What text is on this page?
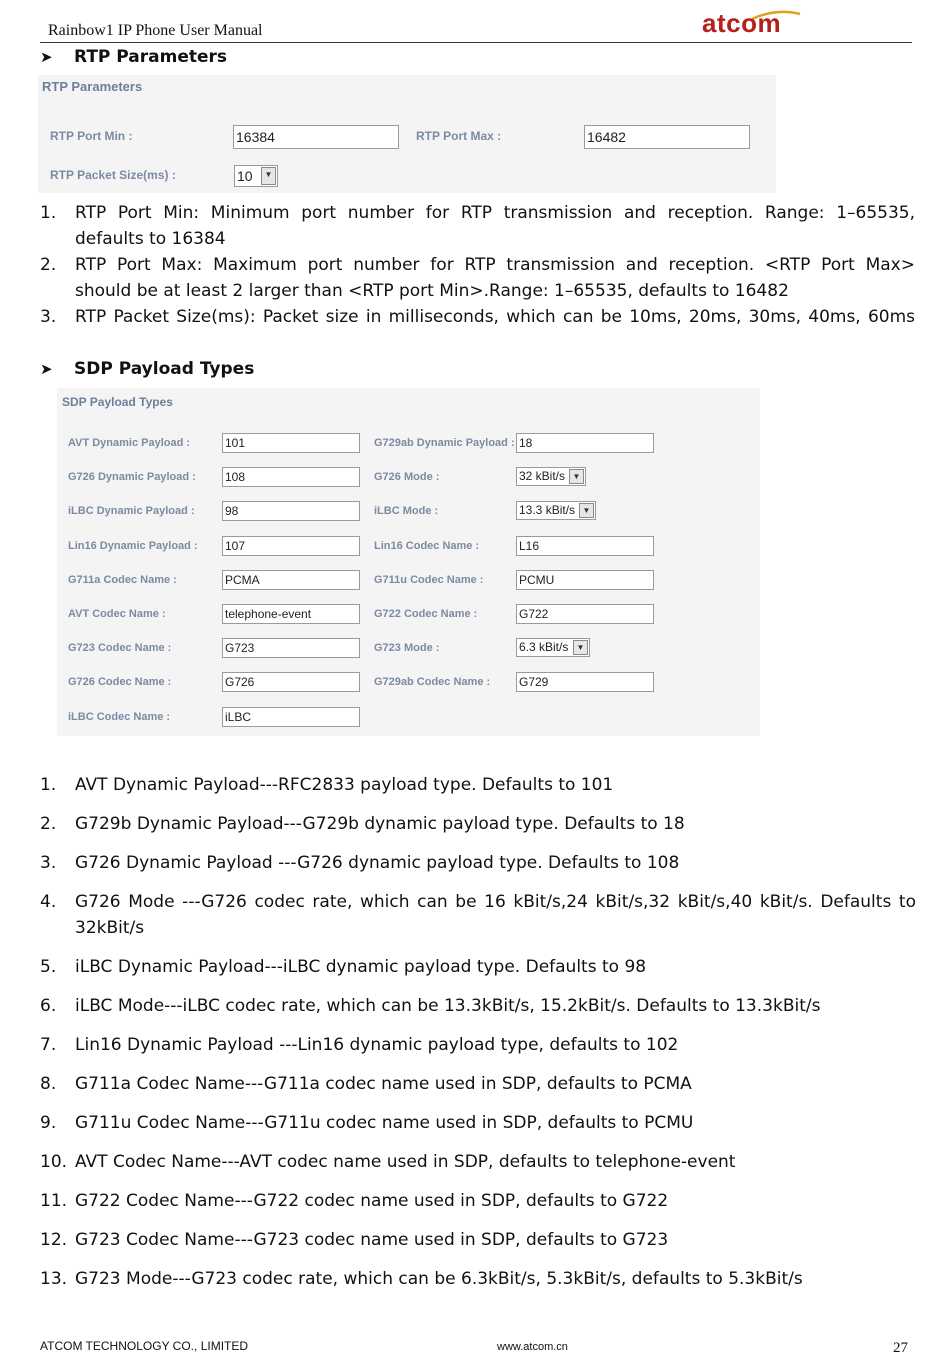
Rainbow1 IP Phone User Manual	atcom
➤ RTP Parameters
RTP Parameters
RTP Port Min :	16384	RTP Port Max :	16482
RTP Packet Size(ms) :	10	▼
1. RTP Port Min: Minimum port number for RTP transmission and reception. Range: 1–65535,
defaults to 16384
2. RTP Port Max: Maximum port number for RTP transmission and reception. <RTP Port Max>
should be at least 2 larger than <RTP port Min>.Range: 1–65535, defaults to 16482
3. RTP Packet Size(ms): Packet size in milliseconds, which can be 10ms, 20ms, 30ms, 40ms, 60ms
➤ SDP Payload Types
SDP Payload Types
AVT Dynamic Payload :	101	G729ab Dynamic Payload : 18
G726 Dynamic Payload : 108	G726 Mode :	32 kBit/s ▼
iLBC Dynamic Payload :	98	iLBC Mode :	13.3 kBit/s ▼
Lin16 Dynamic Payload : 107	Lin16 Codec Name :	L16
G711a Codec Name :	PCMA	G711u Codec Name :	PCMU
AVT Codec Name :	telephone-event	G722 Codec Name :	G722
G723 Codec Name :	G723	G723 Mode :	6.3 kBit/s	▼
G726 Codec Name :	G726	G729ab Codec Name : G729
iLBC Codec Name :	iLBC
1. AVT Dynamic Payload---RFC2833 payload type. Defaults to 101
2. G729b Dynamic Payload---G729b dynamic payload type. Defaults to 18
3. G726 Dynamic Payload ---G726 dynamic payload type. Defaults to 108
4. G726 Mode ---G726 codec rate, which can be 16 kBit/s,24 kBit/s,32 kBit/s,40 kBit/s. Defaults to
32kBit/s
5. iLBC Dynamic Payload---iLBC dynamic payload type. Defaults to 98
6. iLBC Mode---iLBC codec rate, which can be 13.3kBit/s, 15.2kBit/s. Defaults to 13.3kBit/s
7. Lin16 Dynamic Payload ---Lin16 dynamic payload type, defaults to 102
8. G711a Codec Name---G711a codec name used in SDP, defaults to PCMA
9. G711u Codec Name---G711u codec name used in SDP, defaults to PCMU
10. AVT Codec Name---AVT codec name used in SDP, defaults to telephone-event
11. G722 Codec Name---G722 codec name used in SDP, defaults to G722
12. G723 Codec Name---G723 codec name used in SDP, defaults to G723
13. G723 Mode---G723 codec rate, which can be 6.3kBit/s, 5.3kBit/s, defaults to 5.3kBit/s
ATCOM TECHNOLOGY CO., LIMITED	www.atcom.cn	27
